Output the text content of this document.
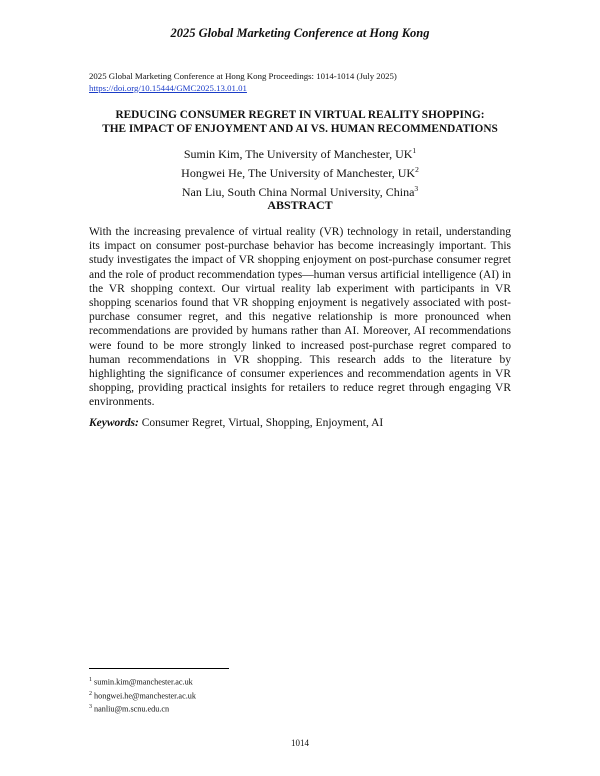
2025 Global Marketing Conference at Hong Kong
2025 Global Marketing Conference at Hong Kong Proceedings: 1014-1014 (July 2025)
https://doi.org/10.15444/GMC2025.13.01.01
REDUCING CONSUMER REGRET IN VIRTUAL REALITY SHOPPING:
THE IMPACT OF ENJOYMENT AND AI VS. HUMAN RECOMMENDATIONS
Sumin Kim, The University of Manchester, $UK^1$
Hongwei He, The University of Manchester, $UK^2$
Nan Liu, South China Normal University, China$^3$
ABSTRACT

With the increasing prevalence of virtual reality (VR) technology in retail, understanding its impact on consumer post-purchase behavior has become increasingly important. This study investigates the impact of VR shopping enjoyment on post-purchase consumer regret and the role of product recommendation types—human versus artificial intelligence (AI) in the VR shopping context. Our virtual reality lab experiment with participants in VR shopping scenarios found that VR shopping enjoyment is negatively associated with post-purchase consumer regret, and this negative relationship is more pronounced when recommendations are provided by humans rather than AI. Moreover, AI recommendations were found to be more strongly linked to increased post-purchase regret compared to human recommendations in VR shopping. This research adds to the literature by highlighting the significance of consumer experiences and recommendation agents in VR shopping, providing practical insights for retailers to reduce regret through engaging VR environments.

Keywords: Consumer Regret, Virtual, Shopping, Enjoyment, AI

$^1$ sumin.kim@manchester.ac.uk
$^2$ hongwei.he@manchester.ac.uk
$^3$ nanliu@m.scnu.edu.cn
1014
